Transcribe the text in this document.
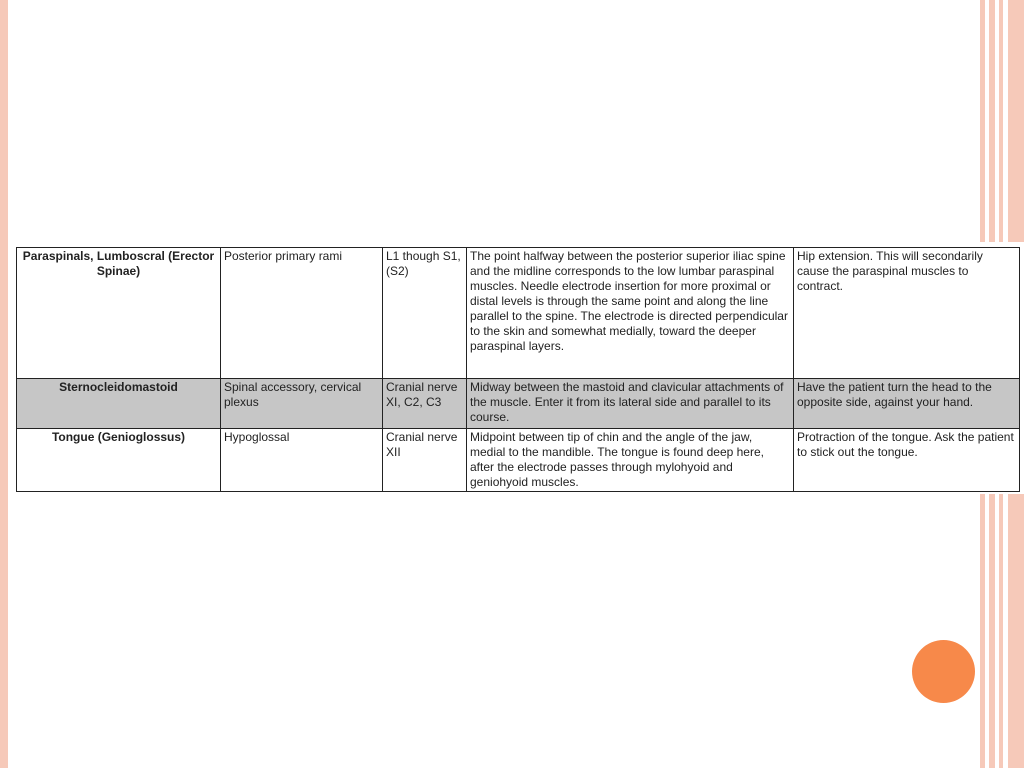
Paraspinals, Lumboscral (Erector Spinae)	Posterior primary rami	L1 though S1, (S2)	The point halfway between the posterior superior iliac spine and the midline corresponds to the low lumbar paraspinal muscles. Needle electrode insertion for more proximal or distal levels is through the same point and along the line parallel to the spine. The electrode is directed perpendicular to the skin and somewhat medially, toward the deeper paraspinal layers.	Hip extension. This will secondarily cause the paraspinal muscles to contract.
Sternocleidomastoid	Spinal accessory, cervical plexus	Cranial nerve XI, C2, C3	Midway between the mastoid and clavicular attachments of the muscle. Enter it from its lateral side and parallel to its course.	Have the patient turn the head to the opposite side, against your hand.
Tongue (Genioglossus)	Hypoglossal	Cranial nerve XII	Midpoint between tip of chin and the angle of the jaw, medial to the mandible. The tongue is found deep here, after the electrode passes through mylohyoid and geniohyoid muscles.	Protraction of the tongue. Ask the patient to stick out the tongue.
